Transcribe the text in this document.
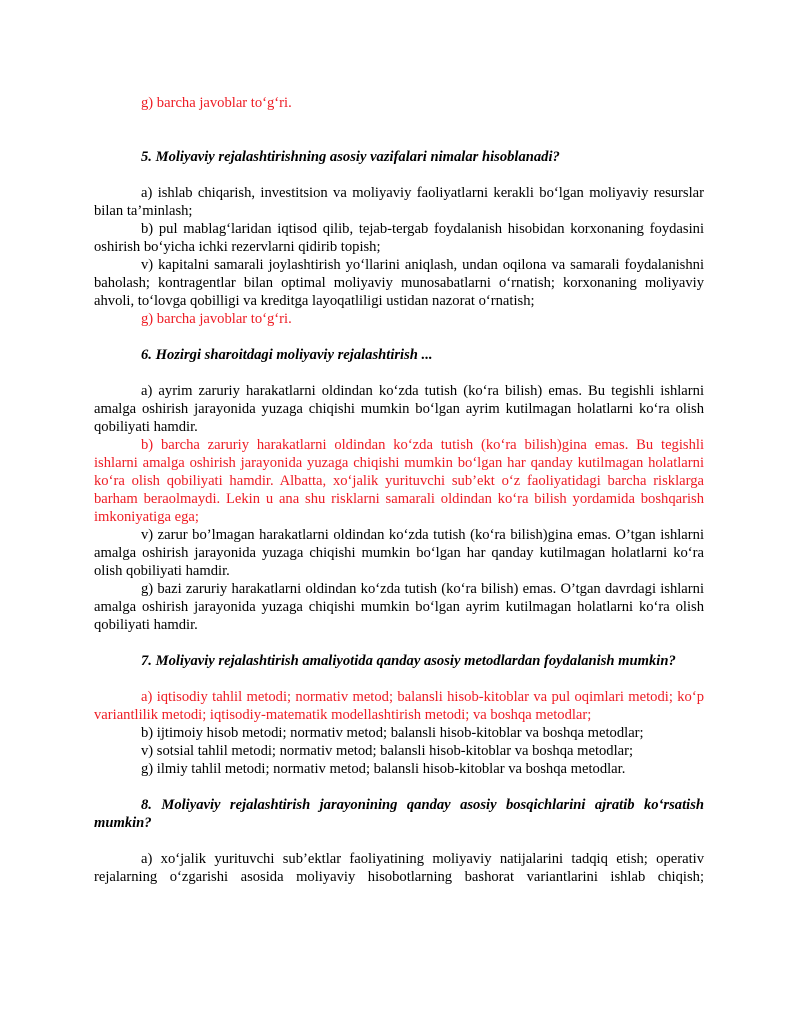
g) barcha javoblar to‘g‘ri.

5. Moliyaviy rejalashtirishning asosiy vazifalari nimalar hisoblanadi?

a) ishlab chiqarish, investitsion va moliyaviy faoliyatlarni kerakli bo‘lgan moliyaviy resurslar bilan ta’minlash;

b) pul mablag‘laridan iqtisod qilib, tejab-tergab foydalanish hisobidan korxonaning foydasini oshirish bo‘yicha ichki rezervlarni qidirib topish;

v) kapitalni samarali joylashtirish yo‘llarini aniqlash, undan oqilona va samarali foydalanishni baholash; kontragentlar bilan optimal moliyaviy munosabatlarni o‘rnatish; korxonaning moliyaviy ahvoli, to‘lovga qobilligi va kreditga layoqatliligi ustidan nazorat o‘rnatish;

g) barcha javoblar to‘g‘ri.

6. Hozirgi sharoitdagi moliyaviy rejalashtirish ...

a) ayrim zaruriy harakatlarni oldindan ko‘zda tutish (ko‘ra bilish) emas. Bu tegishli ishlarni amalga oshirish jarayonida yuzaga chiqishi mumkin bo‘lgan ayrim kutilmagan holatlarni ko‘ra olish qobiliyati hamdir.

b) barcha zaruriy harakatlarni oldindan ko‘zda tutish (ko‘ra bilish)gina emas. Bu tegishli ishlarni amalga oshirish jarayonida yuzaga chiqishi mumkin bo‘lgan har qanday kutilmagan holatlarni ko‘ra olish qobiliyati hamdir. Albatta, xo‘jalik yurituvchi sub’ekt o‘z faoliyatidagi barcha risklarga barham beraolmaydi. Lekin u ana shu risklarni samarali oldindan ko‘ra bilish yordamida boshqarish imkoniyatiga ega;

v) zarur bo’lmagan harakatlarni oldindan ko‘zda tutish (ko‘ra bilish)gina emas. O’tgan ishlarni amalga oshirish jarayonida yuzaga chiqishi mumkin bo‘lgan har qanday kutilmagan holatlarni ko‘ra olish qobiliyati hamdir.

g) bazi zaruriy harakatlarni oldindan ko‘zda tutish (ko‘ra bilish) emas. O’tgan davrdagi ishlarni amalga oshirish jarayonida yuzaga chiqishi mumkin bo‘lgan ayrim kutilmagan holatlarni ko‘ra olish qobiliyati hamdir.

7. Moliyaviy rejalashtirish amaliyotida qanday asosiy metodlardan foydalanish mumkin?

a) iqtisodiy tahlil metodi; normativ metod; balansli hisob-kitoblar va pul oqimlari metodi; ko‘p variantlilik metodi; iqtisodiy-matematik modellashtirish metodi; va boshqa metodlar;

b) ijtimoiy hisob metodi; normativ metod; balansli hisob-kitoblar va boshqa metodlar;

v) sotsial tahlil metodi; normativ metod; balansli hisob-kitoblar va boshqa metodlar;

g) ilmiy tahlil metodi; normativ metod; balansli hisob-kitoblar va boshqa metodlar.

8. Moliyaviy rejalashtirish jarayonining qanday asosiy bosqichlarini ajratib ko‘rsatish mumkin?

a) xo‘jalik yurituvchi sub’ektlar faoliyatining moliyaviy natijalarini tadqiq etish; operativ rejalarning o‘zgarishi asosida moliyaviy hisobotlarning bashorat variantlarini ishlab chiqish;
